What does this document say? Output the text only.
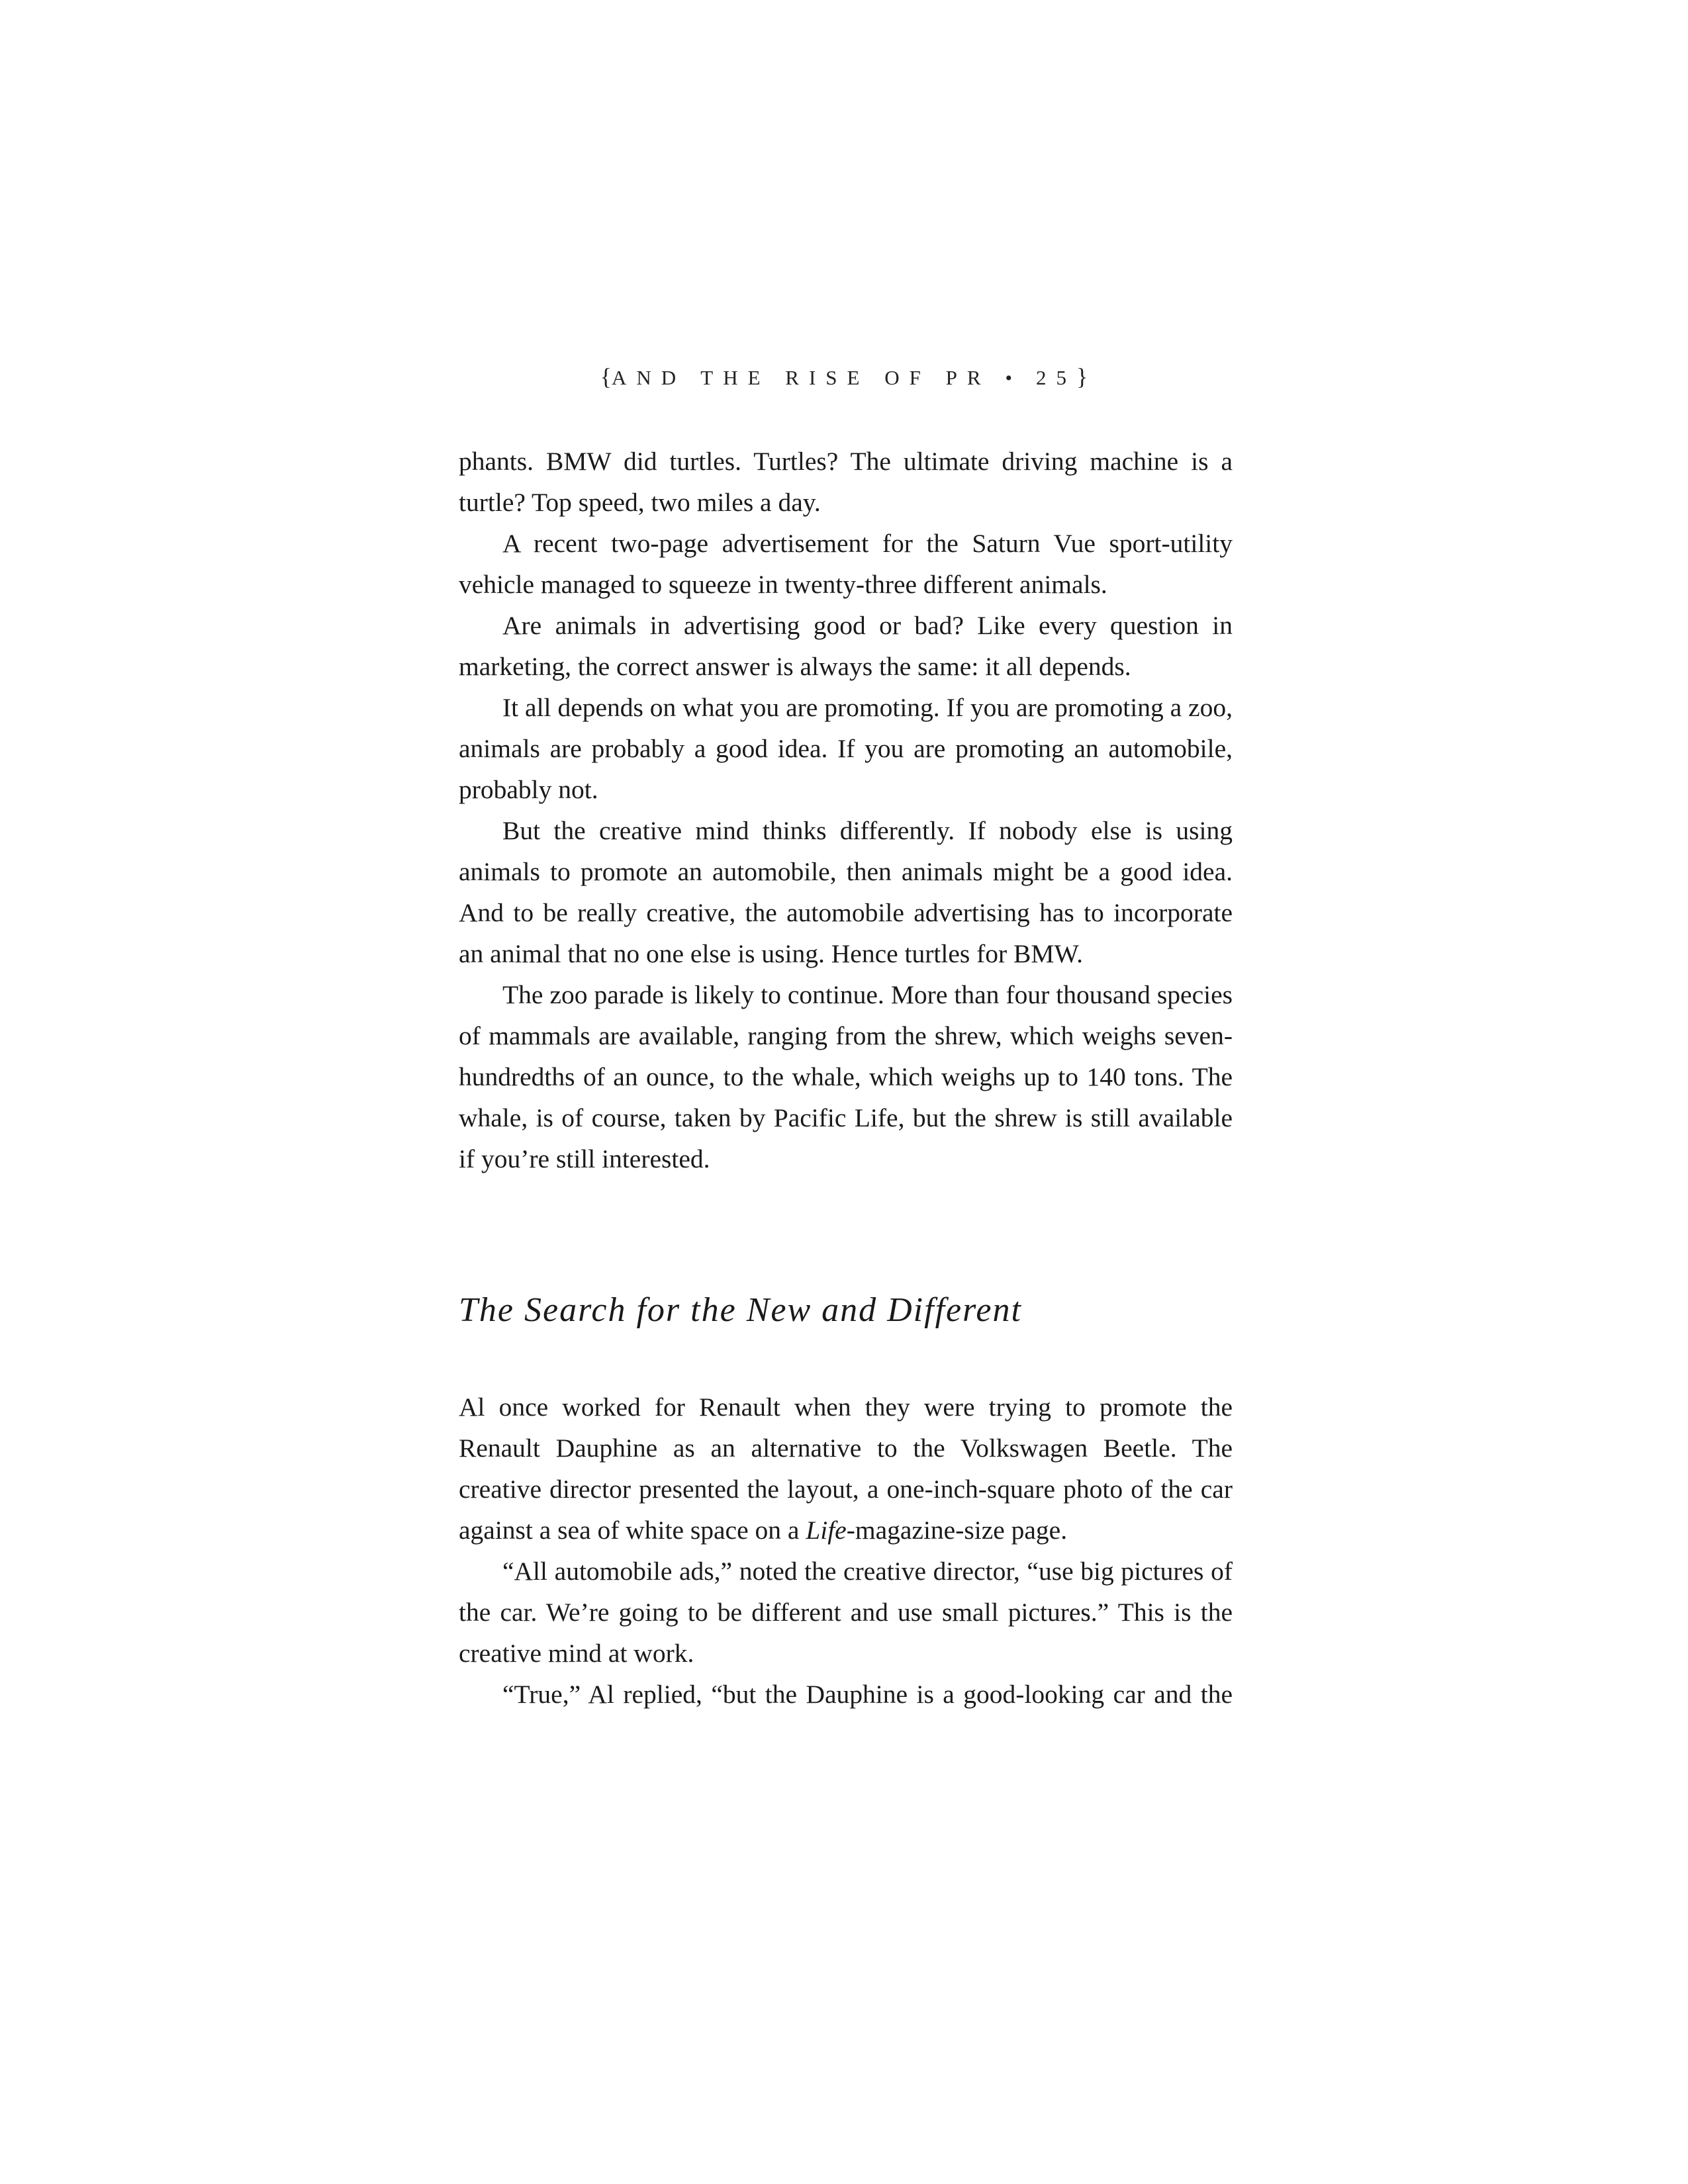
{AND THE RISE OF PR • 25}

phants. BMW did turtles. Turtles? The ultimate driving machine is a turtle? Top speed, two miles a day.

A recent two-page advertisement for the Saturn Vue sport-utility vehicle managed to squeeze in twenty-three different animals.

Are animals in advertising good or bad? Like every question in marketing, the correct answer is always the same: it all depends.

It all depends on what you are promoting. If you are promoting a zoo, animals are probably a good idea. If you are promoting an automobile, probably not.

But the creative mind thinks differently. If nobody else is using animals to promote an automobile, then animals might be a good idea. And to be really creative, the automobile advertising has to incorporate an animal that no one else is using. Hence turtles for BMW.

The zoo parade is likely to continue. More than four thousand species of mammals are available, ranging from the shrew, which weighs seven-hundredths of an ounce, to the whale, which weighs up to 140 tons. The whale, is of course, taken by Pacific Life, but the shrew is still available if you’re still interested.

The Search for the New and Different

Al once worked for Renault when they were trying to promote the Renault Dauphine as an alternative to the Volkswagen Beetle. The creative director presented the layout, a one-inch-square photo of the car against a sea of white space on a Life-magazine-size page.

“All automobile ads,” noted the creative director, “use big pictures of the car. We’re going to be different and use small pictures.” This is the creative mind at work.

“True,” Al replied, “but the Dauphine is a good-looking car and the
